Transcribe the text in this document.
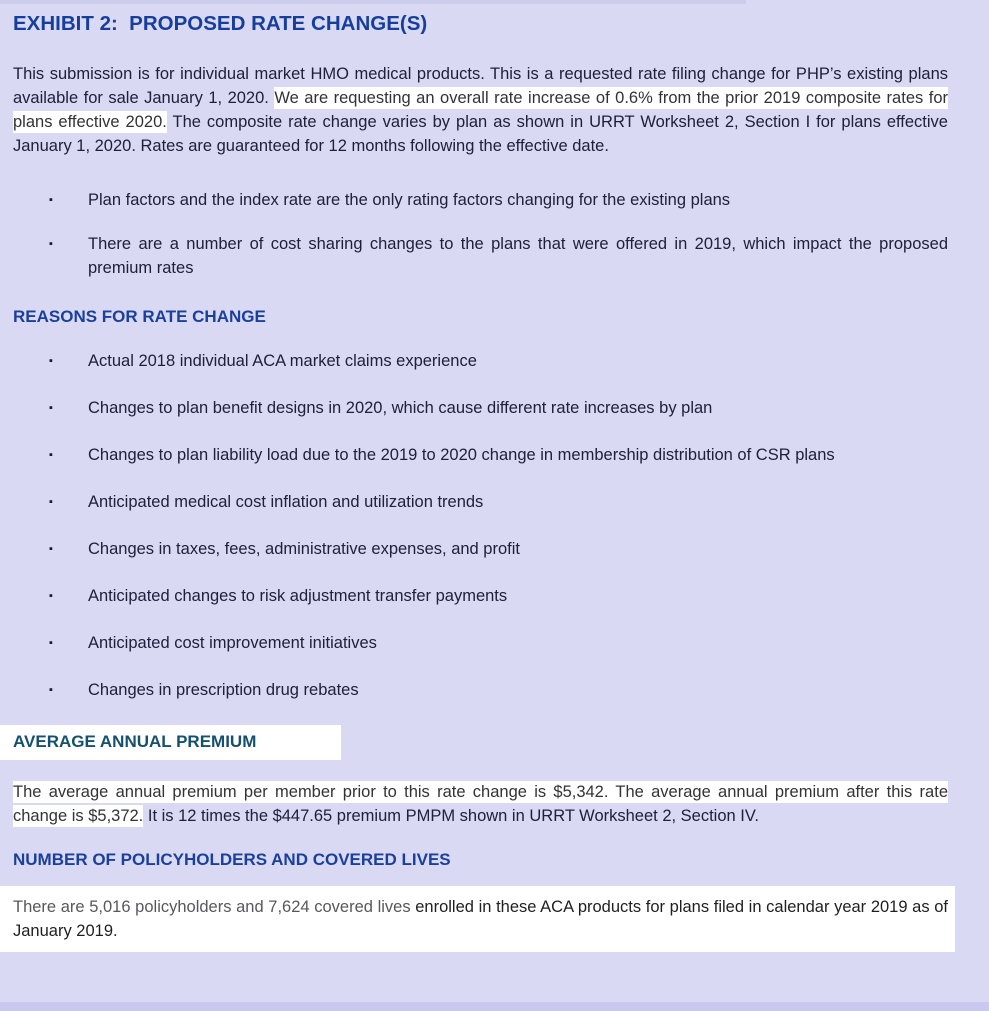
EXHIBIT 2:  PROPOSED RATE CHANGE(S)

This submission is for individual market HMO medical products. This is a requested rate filing change for PHP’s existing plans available for sale January 1, 2020. We are requesting an overall rate increase of 0.6% from the prior 2019 composite rates for plans effective 2020. The composite rate change varies by plan as shown in URRT Worksheet 2, Section I for plans effective January 1, 2020. Rates are guaranteed for 12 months following the effective date.

▪	Plan factors and the index rate are the only rating factors changing for the existing plans
▪	There are a number of cost sharing changes to the plans that were offered in 2019, which impact the proposed premium rates
REASONS FOR RATE CHANGE
▪	Actual 2018 individual ACA market claims experience
▪	Changes to plan benefit designs in 2020, which cause different rate increases by plan
▪	Changes to plan liability load due to the 2019 to 2020 change in membership distribution of CSR plans
▪	Anticipated medical cost inflation and utilization trends
▪	Changes in taxes, fees, administrative expenses, and profit
▪	Anticipated changes to risk adjustment transfer payments
▪	Anticipated cost improvement initiatives
▪	Changes in prescription drug rebates
AVERAGE ANNUAL PREMIUM

The average annual premium per member prior to this rate change is $5,342. The average annual premium after this rate change is $5,372. It is 12 times the $447.65 premium PMPM shown in URRT Worksheet 2, Section IV.

NUMBER OF POLICYHOLDERS AND COVERED LIVES

There are 5,016 policyholders and 7,624 covered lives enrolled in these ACA products for plans filed in calendar year 2019 as of January 2019.
